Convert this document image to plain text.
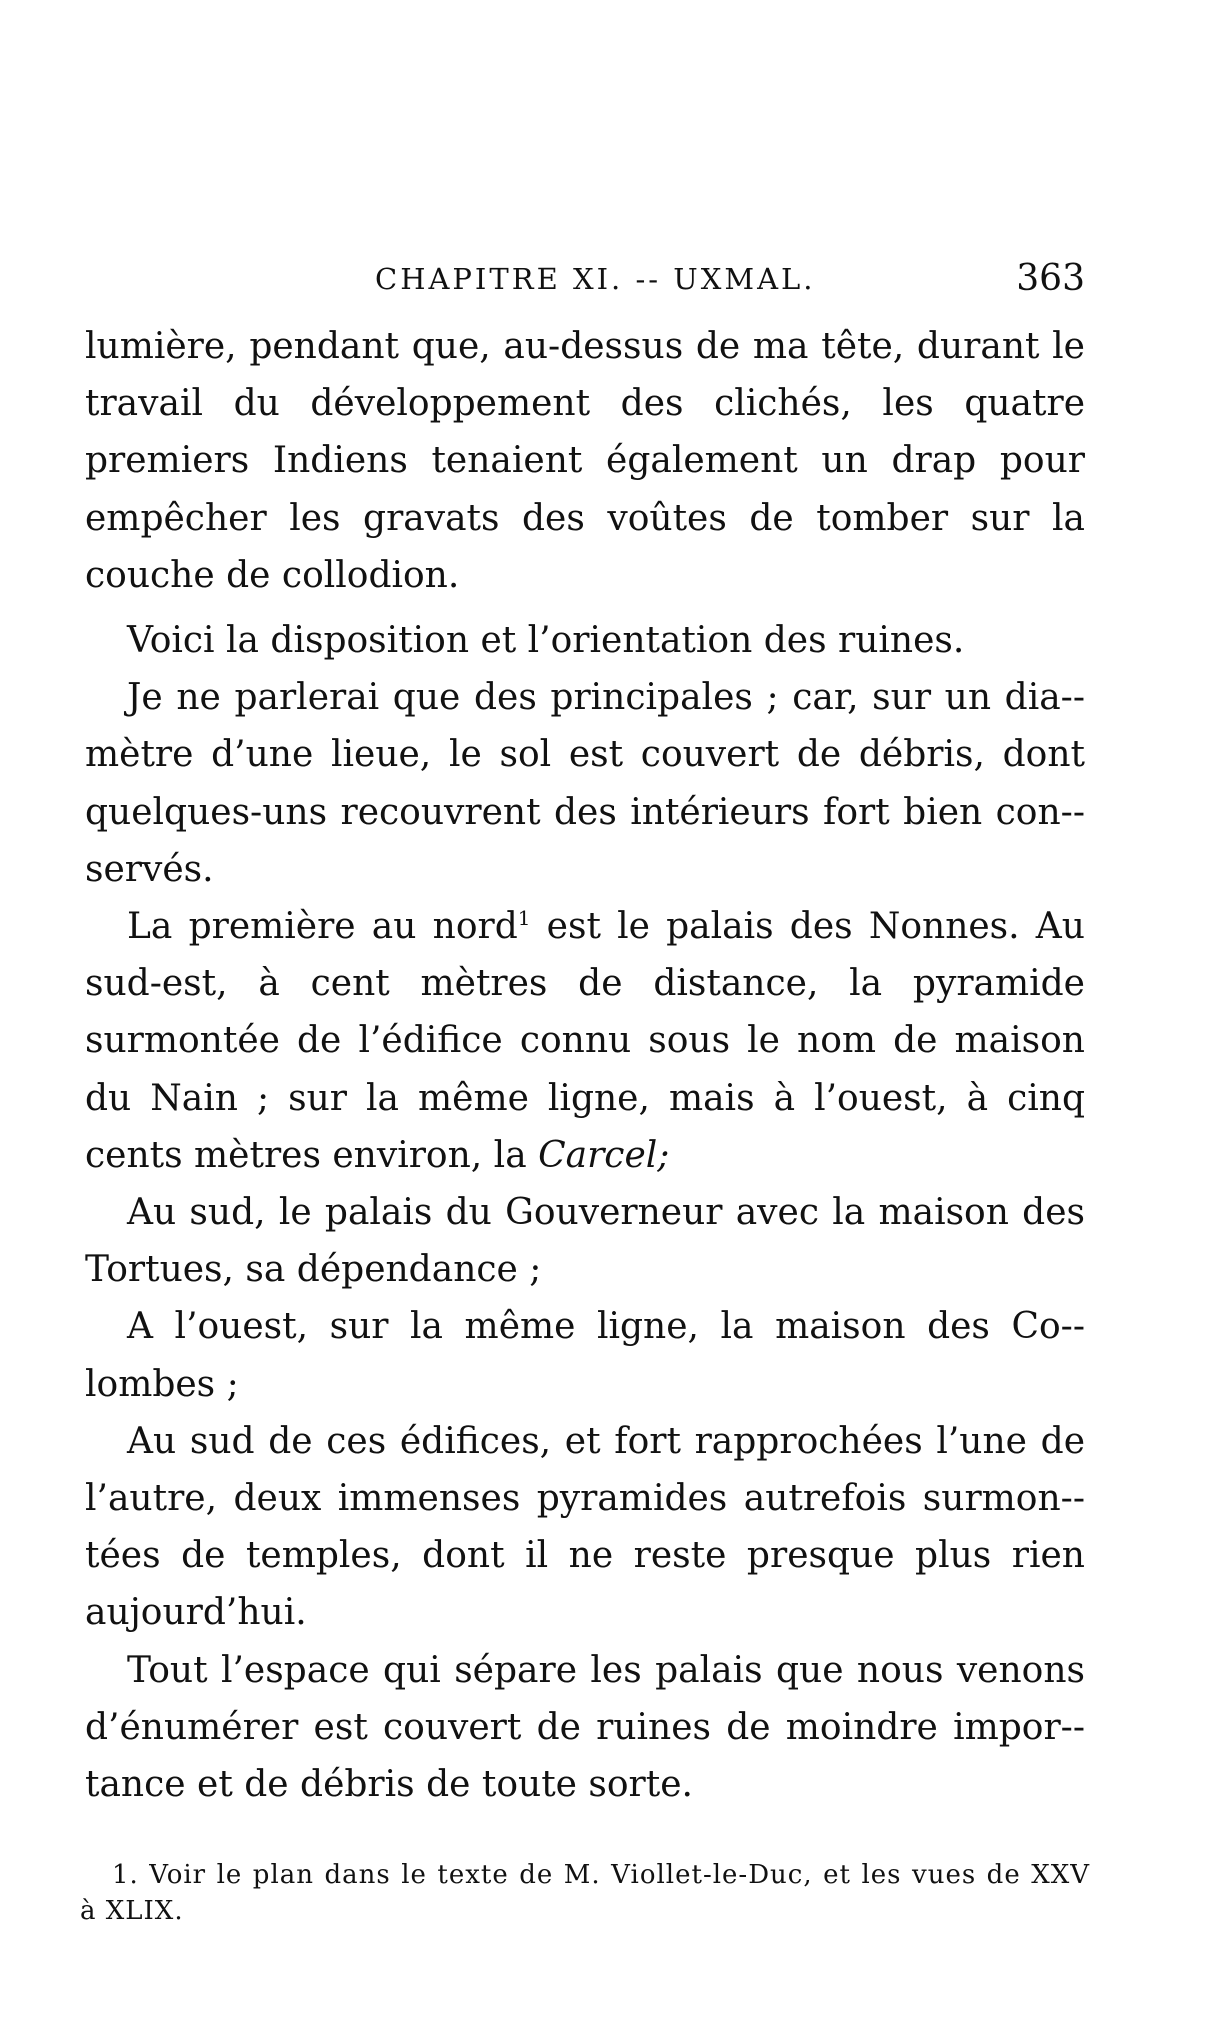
CHAPITRE XI. -- UXMAL.	363

lumière, pendant que, au-dessus de ma tête, durant le travail du développement des clichés, les quatre premiers Indiens tenaient également un drap pour empêcher les gravats des voûtes de tomber sur la couche de collodion.

Voici la disposition et l’orientation des ruines.

Je ne parlerai que des principales ; car, sur un dia-mètre d’une lieue, le sol est couvert de débris, dont quelques-uns recouvrent des intérieurs fort bien con-servés.

La première au nord$^1$ est le palais des Nonnes. Au sud-est, à cent mètres de distance, la pyramide surmontée de l’édifice connu sous le nom de maison du Nain ; sur la même ligne, mais à l’ouest, à cinq cents mètres environ, la Carcel;

Au sud, le palais du Gouverneur avec la maison des Tortues, sa dépendance ;

A l’ouest, sur la même ligne, la maison des Co-lombes ;

Au sud de ces édifices, et fort rapprochées l’une de l’autre, deux immenses pyramides autrefois surmon-tées de temples, dont il ne reste presque plus rien aujourd’hui.

Tout l’espace qui sépare les palais que nous venons d’énumérer est couvert de ruines de moindre impor-tance et de débris de toute sorte.

1. Voir le plan dans le texte de M. Viollet-le-Duc, et les vues de XXV à XLIX.
